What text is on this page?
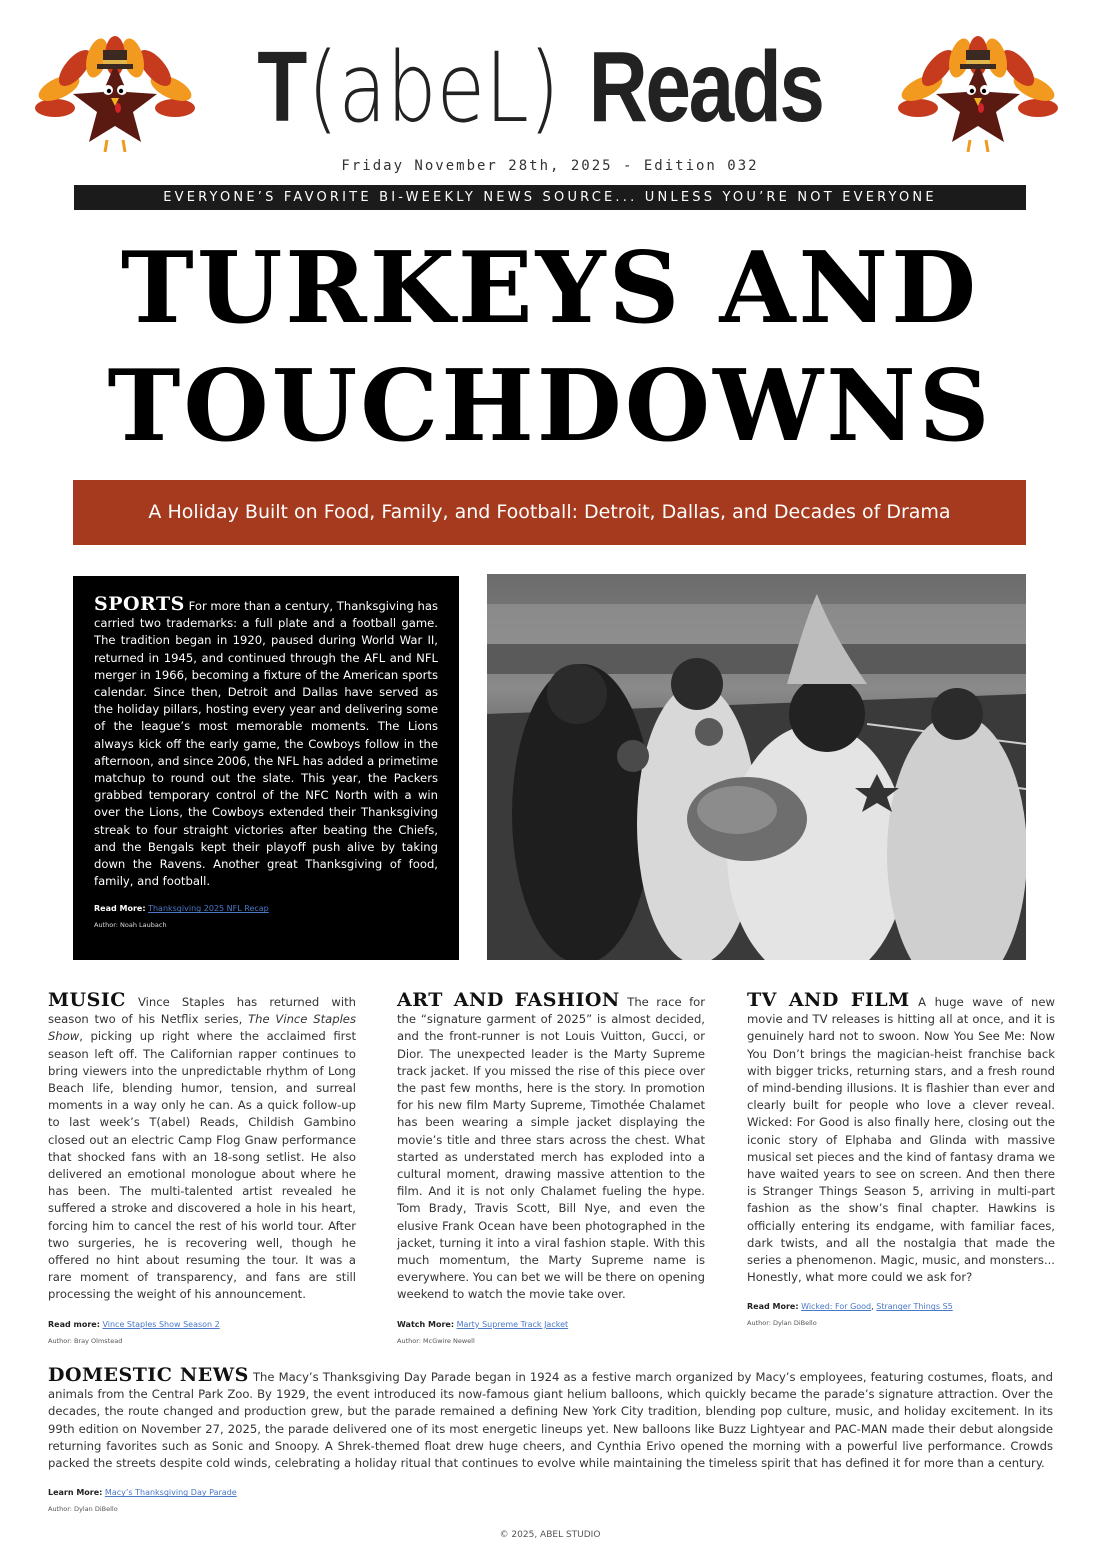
T(abeL) Reads
Friday November 28th, 2025 - Edition 032
EVERYONE’S FAVORITE BI-WEEKLY NEWS SOURCE... UNLESS YOU’RE NOT EVERYONE
TURKEYS AND
TOUCHDOWNS
A Holiday Built on Food, Family, and Football: Detroit, Dallas, and Decades of Drama

SPORTS For more than a century, Thanksgiving has carried two trademarks: a full plate and a football game. The tradition began in 1920, paused during World War II, returned in 1945, and continued through the AFL and NFL merger in 1966, becoming a fixture of the American sports calendar. Since then, Detroit and Dallas have served as the holiday pillars, hosting every year and delivering some of the league’s most memorable moments. The Lions always kick off the early game, the Cowboys follow in the afternoon, and since 2006, the NFL has added a primetime matchup to round out the slate. This year, the Packers grabbed temporary control of the NFC North with a win over the Lions, the Cowboys extended their Thanksgiving streak to four straight victories after beating the Chiefs, and the Bengals kept their playoff push alive by taking down the Ravens. Another great Thanksgiving of food, family, and football.

Read More: Thanksgiving 2025 NFL Recap
Author: Noah Laubach

MUSIC Vince Staples has returned with season two of his Netflix series, The Vince Staples Show, picking up right where the acclaimed first season left off. The Californian rapper continues to bring viewers into the unpredictable rhythm of Long Beach life, blending humor, tension, and surreal moments in a way only he can. As a quick follow-up to last week’s T(abel) Reads, Childish Gambino closed out an electric Camp Flog Gnaw performance that shocked fans with an 18-song setlist. He also delivered an emotional monologue about where he has been. The multi-talented artist revealed he suffered a stroke and discovered a hole in his heart, forcing him to cancel the rest of his world tour. After two surgeries, he is recovering well, though he offered no hint about resuming the tour. It was a rare moment of transparency, and fans are still processing the weight of his announcement.

Read more: Vince Staples Show Season 2
Author: Bray Olmstead

ART AND FASHION The race for the “signature garment of 2025” is almost decided, and the front-runner is not Louis Vuitton, Gucci, or Dior. The unexpected leader is the Marty Supreme track jacket. If you missed the rise of this piece over the past few months, here is the story. In promotion for his new film Marty Supreme, Timothée Chalamet has been wearing a simple jacket displaying the movie’s title and three stars across the chest. What started as understated merch has exploded into a cultural moment, drawing massive attention to the film. And it is not only Chalamet fueling the hype. Tom Brady, Travis Scott, Bill Nye, and even the elusive Frank Ocean have been photographed in the jacket, turning it into a viral fashion staple. With this much momentum, the Marty Supreme name is everywhere. You can bet we will be there on opening weekend to watch the movie take over.

Watch More: Marty Supreme Track Jacket
Author: McGwire Newell

TV AND FILM A huge wave of new movie and TV releases is hitting all at once, and it is genuinely hard not to swoon. Now You See Me: Now You Don’t brings the magician-heist franchise back with bigger tricks, returning stars, and a fresh round of mind-bending illusions. It is flashier than ever and clearly built for people who love a clever reveal. Wicked: For Good is also finally here, closing out the iconic story of Elphaba and Glinda with massive musical set pieces and the kind of fantasy drama we have waited years to see on screen. And then there is Stranger Things Season 5, arriving in multi-part fashion as the show’s final chapter. Hawkins is officially entering its endgame, with familiar faces, dark twists, and all the nostalgia that made the series a phenomenon. Magic, music, and monsters... Honestly, what more could we ask for?

Read More: Wicked: For Good, Stranger Things S5
Author: Dylan DiBello

DOMESTIC NEWS The Macy’s Thanksgiving Day Parade began in 1924 as a festive march organized by Macy’s employees, featuring costumes, floats, and animals from the Central Park Zoo. By 1929, the event introduced its now-famous giant helium balloons, which quickly became the parade’s signature attraction. Over the decades, the route changed and production grew, but the parade remained a defining New York City tradition, blending pop culture, music, and holiday excitement. In its 99th edition on November 27, 2025, the parade delivered one of its most energetic lineups yet. New balloons like Buzz Lightyear and PAC-MAN made their debut alongside returning favorites such as Sonic and Snoopy. A Shrek-themed float drew huge cheers, and Cynthia Erivo opened the morning with a powerful live performance. Crowds packed the streets despite cold winds, celebrating a holiday ritual that continues to evolve while maintaining the timeless spirit that has defined it for more than a century.

Learn More: Macy’s Thanksgiving Day Parade
Author: Dylan DiBello
© 2025, ABEL STUDIO
